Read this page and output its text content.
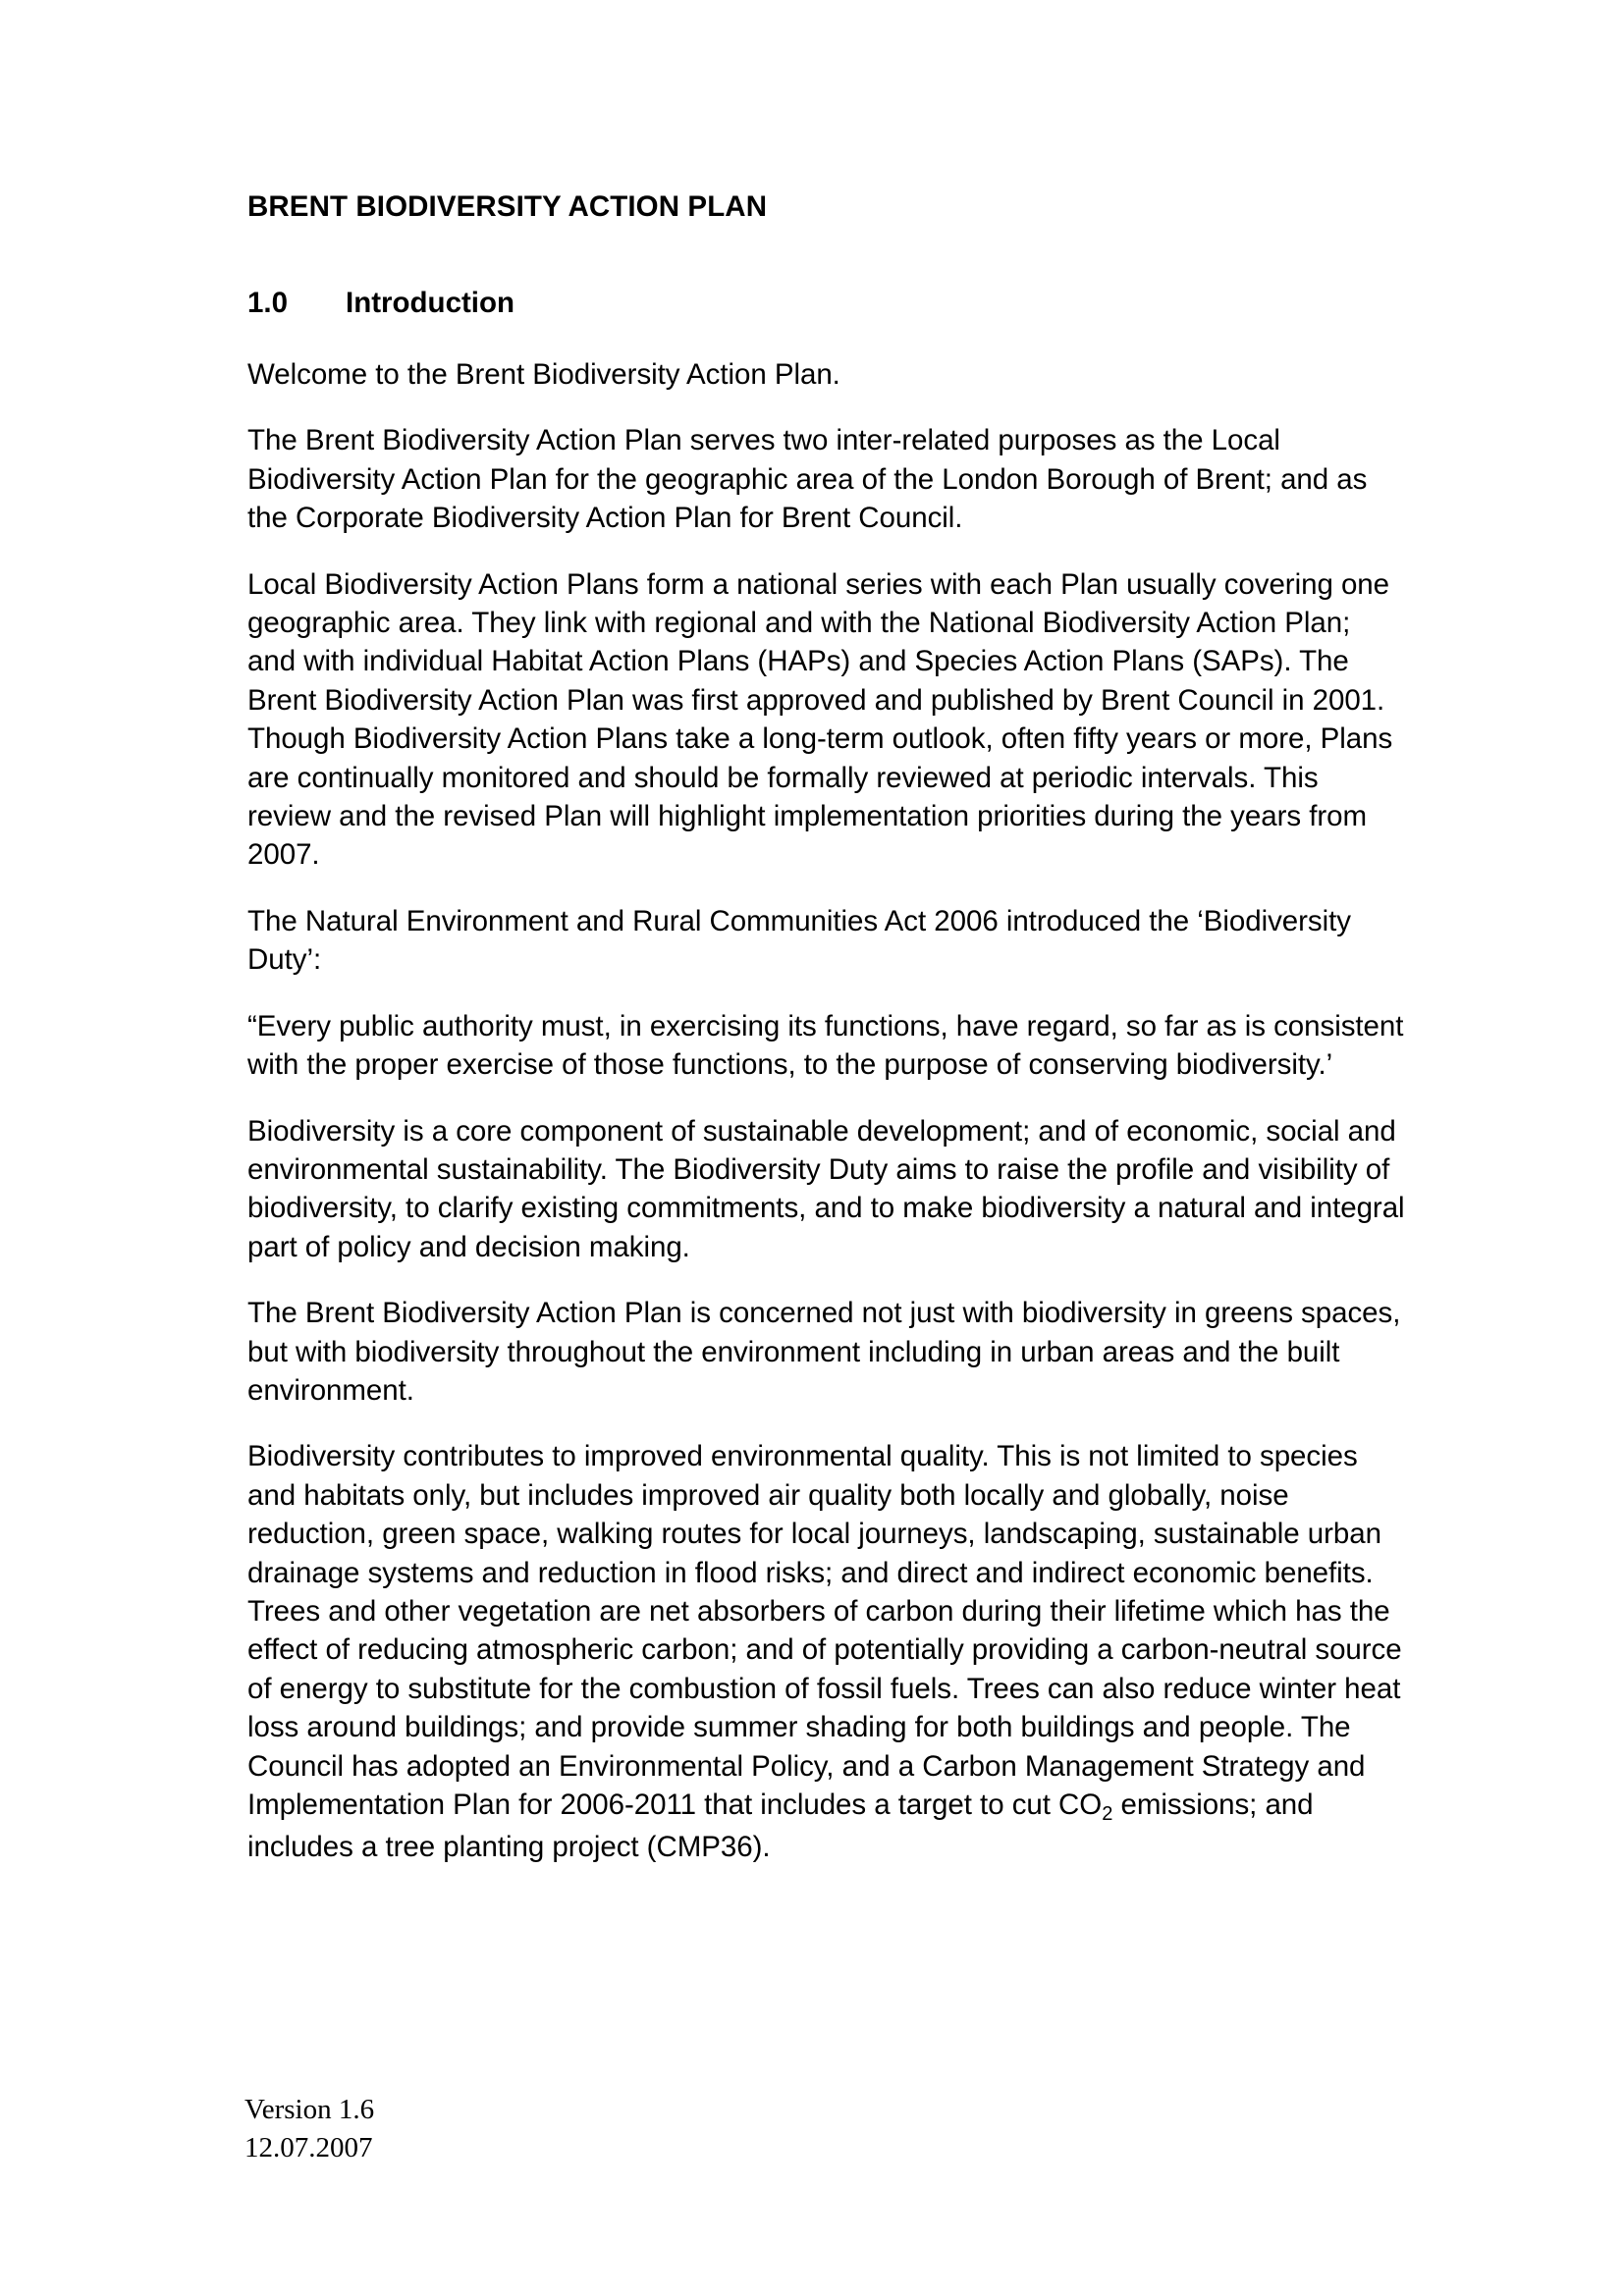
BRENT BIODIVERSITY ACTION PLAN
1.0 Introduction

Welcome to the Brent Biodiversity Action Plan.

The Brent Biodiversity Action Plan serves two inter-related purposes as the Local Biodiversity Action Plan for the geographic area of the London Borough of Brent; and as the Corporate Biodiversity Action Plan for Brent Council.

Local Biodiversity Action Plans form a national series with each Plan usually covering one geographic area. They link with regional and with the National Biodiversity Action Plan; and with individual Habitat Action Plans (HAPs) and Species Action Plans (SAPs). The Brent Biodiversity Action Plan was first approved and published by Brent Council in 2001. Though Biodiversity Action Plans take a long-term outlook, often fifty years or more, Plans are continually monitored and should be formally reviewed at periodic intervals. This review and the revised Plan will highlight implementation priorities during the years from 2007.

The Natural Environment and Rural Communities Act 2006 introduced the ‘Biodiversity Duty’:

“Every public authority must, in exercising its functions, have regard, so far as is consistent with the proper exercise of those functions, to the purpose of conserving biodiversity.’

Biodiversity is a core component of sustainable development; and of economic, social and environmental sustainability. The Biodiversity Duty aims to raise the profile and visibility of biodiversity, to clarify existing commitments, and to make biodiversity a natural and integral part of policy and decision making.

The Brent Biodiversity Action Plan is concerned not just with biodiversity in greens spaces, but with biodiversity throughout the environment including in urban areas and the built environment.

Biodiversity contributes to improved environmental quality. This is not limited to species and habitats only, but includes improved air quality both locally and globally, noise reduction, green space, walking routes for local journeys, landscaping, sustainable urban drainage systems and reduction in flood risks; and direct and indirect economic benefits. Trees and other vegetation are net absorbers of carbon during their lifetime which has the effect of reducing atmospheric carbon; and of potentially providing a carbon-neutral source of energy to substitute for the combustion of fossil fuels. Trees can also reduce winter heat loss around buildings; and provide summer shading for both buildings and people. The Council has adopted an Environmental Policy, and a Carbon Management Strategy and Implementation Plan for 2006-2011 that includes a target to cut $CO_2$ emissions; and includes a tree planting project (CMP36).

Version 1.6
12.07.2007
